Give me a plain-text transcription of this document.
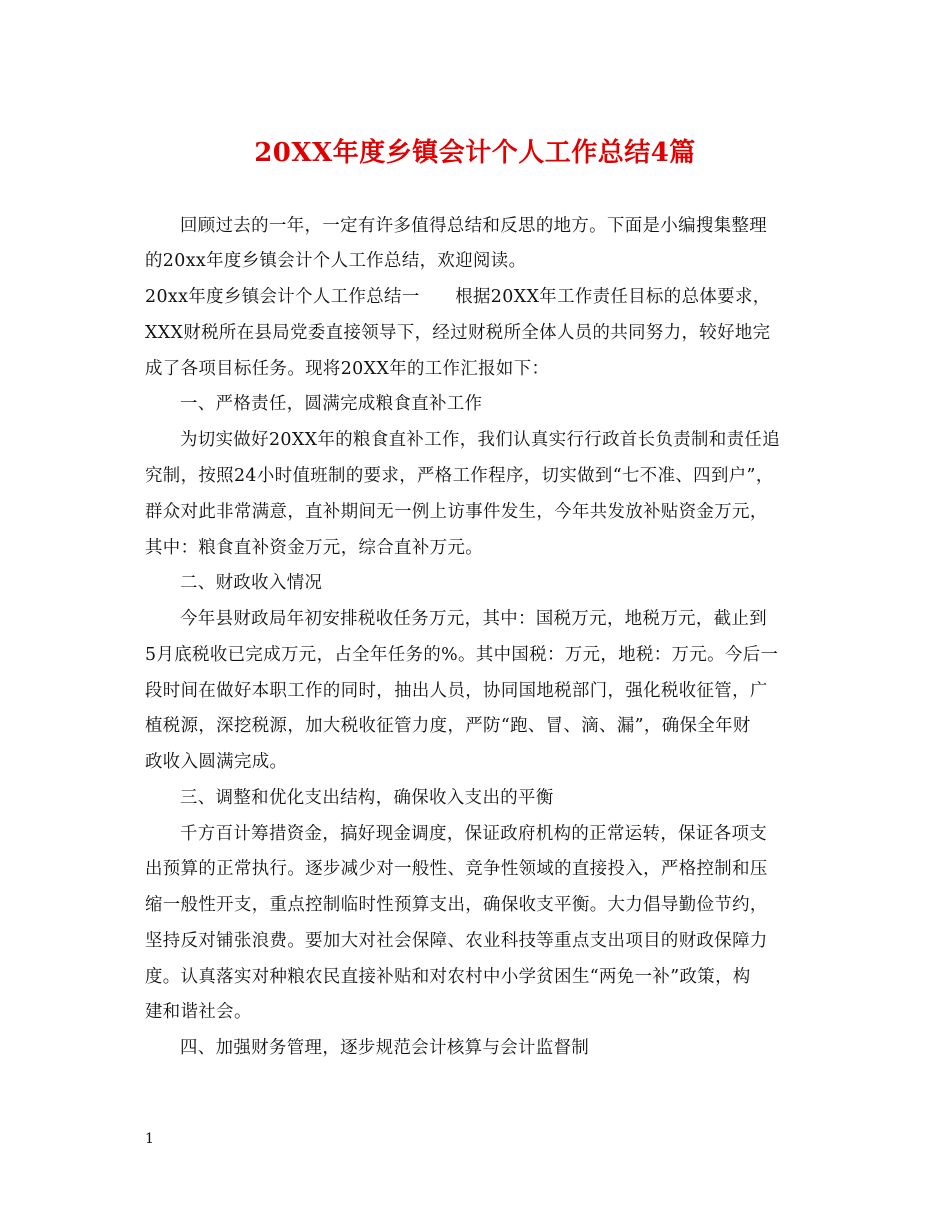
20XX年度乡镇会计个人工作总结4篇
回顾过去的一年，一定有许多值得总结和反思的地方。下面是小编搜集整理
的20xx年度乡镇会计个人工作总结，欢迎阅读。
20xx年度乡镇会计个人工作总结一　　根据20XX年工作责任目标的总体要求，
XXX财税所在县局党委直接领导下，经过财税所全体人员的共同努力，较好地完
成了各项目标任务。现将20XX年的工作汇报如下：
一、严格责任，圆满完成粮食直补工作
为切实做好20XX年的粮食直补工作，我们认真实行行政首长负责制和责任追
究制，按照24小时值班制的要求，严格工作程序，切实做到“七不准、四到户”，
群众对此非常满意，直补期间无一例上访事件发生，今年共发放补贴资金万元，
其中：粮食直补资金万元，综合直补万元。
二、财政收入情况
今年县财政局年初安排税收任务万元，其中：国税万元，地税万元，截止到
5月底税收已完成万元，占全年任务的%。其中国税：万元，地税：万元。今后一
段时间在做好本职工作的同时，抽出人员，协同国地税部门，强化税收征管，广
植税源，深挖税源，加大税收征管力度，严防“跑、冒、滴、漏”，确保全年财
政收入圆满完成。
三、调整和优化支出结构，确保收入支出的平衡
千方百计筹措资金，搞好现金调度，保证政府机构的正常运转，保证各项支
出预算的正常执行。逐步减少对一般性、竞争性领域的直接投入，严格控制和压
缩一般性开支，重点控制临时性预算支出，确保收支平衡。大力倡导勤俭节约，
坚持反对铺张浪费。要加大对社会保障、农业科技等重点支出项目的财政保障力
度。认真落实对种粮农民直接补贴和对农村中小学贫困生“两免一补”政策，构
建和谐社会。
四、加强财务管理，逐步规范会计核算与会计监督制
1
